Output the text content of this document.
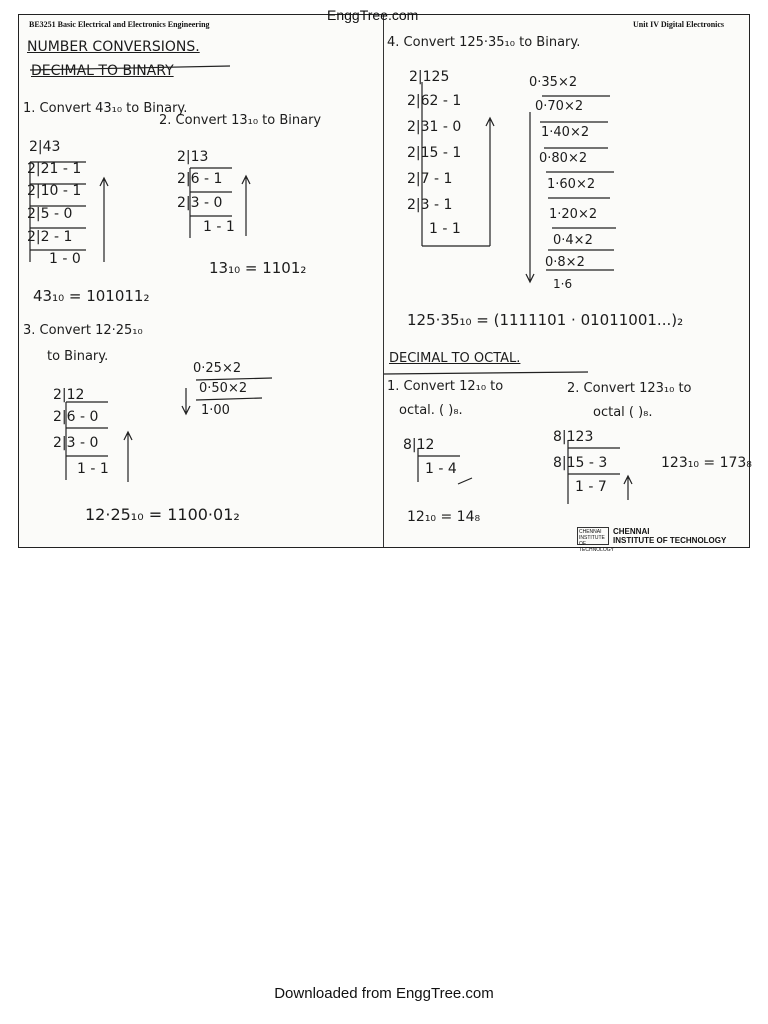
BE3251 Basic Electrical and Electronics Engineering
EnggTree.com
Unit IV Digital Electronics
NUMBER CONVERSIONS.
DECIMAL TO BINARY
1. Convert 43₁₀ to Binary.
2. Convert 13₁₀ to Binary
2|43
2|21 - 1
2|10 - 1
2|5 - 0
2|2 - 1
1 - 0
2|13
2|6 - 1
2|3 - 0
1 - 1
13₁₀ = 1101₂
43₁₀ = 101011₂
3. Convert 12·25₁₀
to Binary.
0·25×2
0·50×2
1·00
2|12
2|6 - 0
2|3 - 0
1 - 1
12·25₁₀ = 1100·01₂
4. Convert 125·35₁₀ to Binary.
2|125
2|62 - 1
2|31 - 0
2|15 - 1
2|7 - 1
2|3 - 1
1 - 1
0·35×2
0·70×2
1·40×2
0·80×2
1·60×2
1·20×2
0·4×2
0·8×2
1·6
125·35₁₀ = (1111101 · 01011001...)₂
DECIMAL TO OCTAL.
1. Convert 12₁₀ to
octal. ( )₈.
2. Convert 123₁₀ to
octal ( )₈.
8|12
1 - 4
8|123
8|15 - 3
1 - 7
123₁₀ = 173₈
12₁₀ = 14₈
CHENNAI INSTITUTE OF TECHNOLOGY
CHENNAI
INSTITUTE OF TECHNOLOGY
Downloaded from EnggTree.com
